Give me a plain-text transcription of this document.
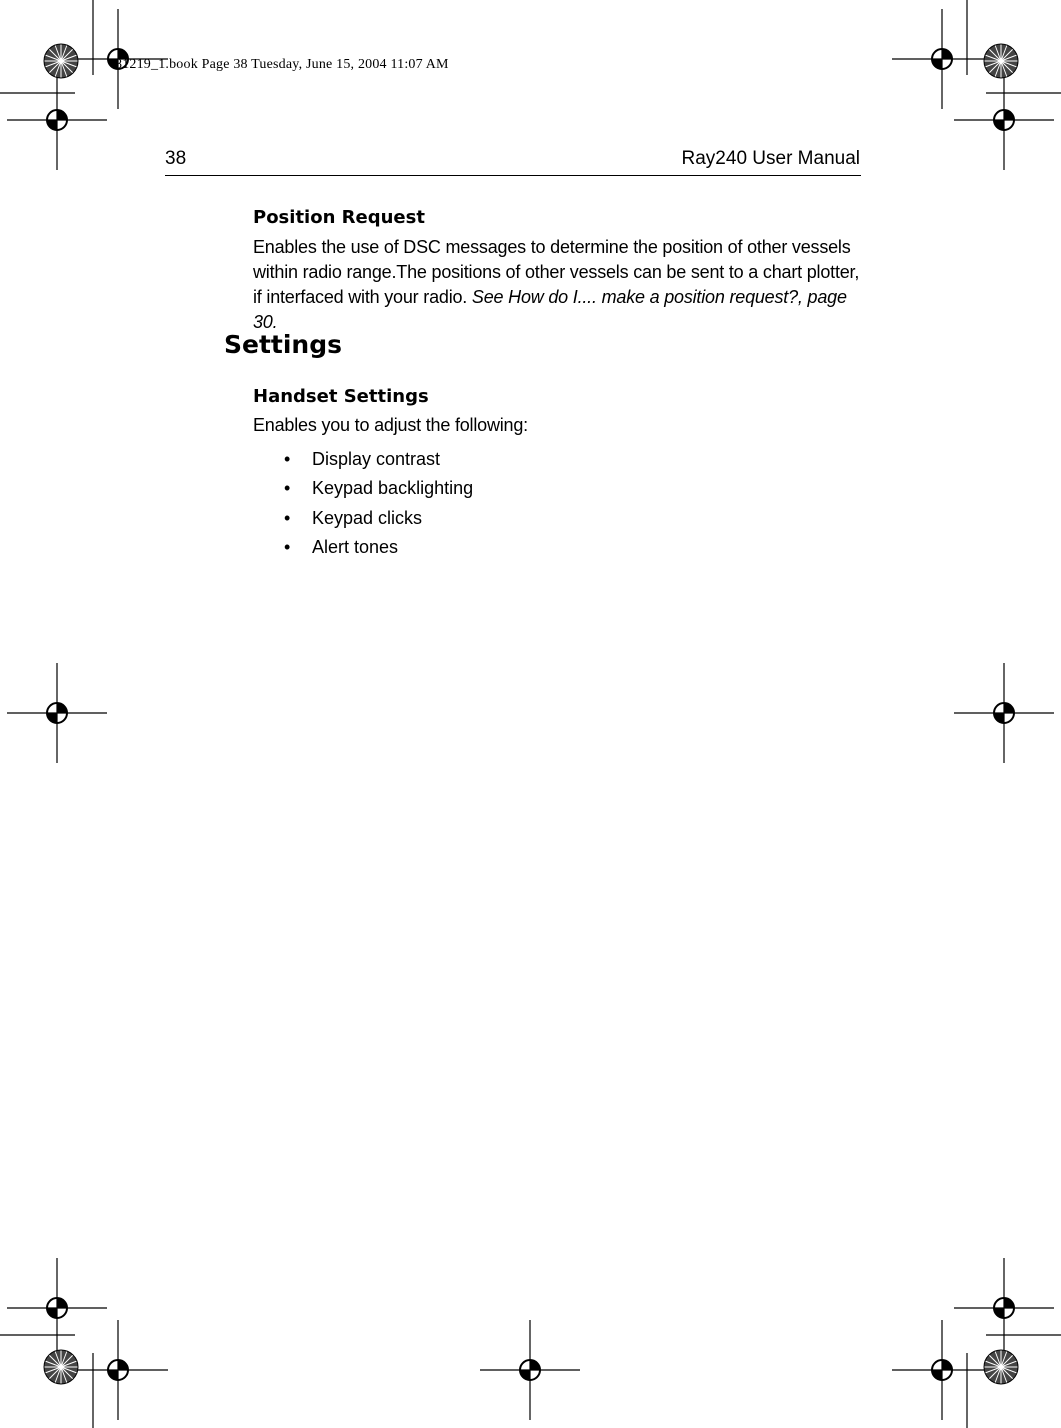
81219_1.book Page 38 Tuesday, June 15, 2004 11:07 AM
38	Ray240 User Manual
Position Request
Enables the use of DSC messages to determine the position of other vessels within radio range.The positions of other vessels can be sent to a chart plotter, if interfaced with your radio. See How do I.... make a position request?, page 30.
Settings
Handset Settings
Enables you to adjust the following:
• Display contrast
• Keypad backlighting
• Keypad clicks
• Alert tones
